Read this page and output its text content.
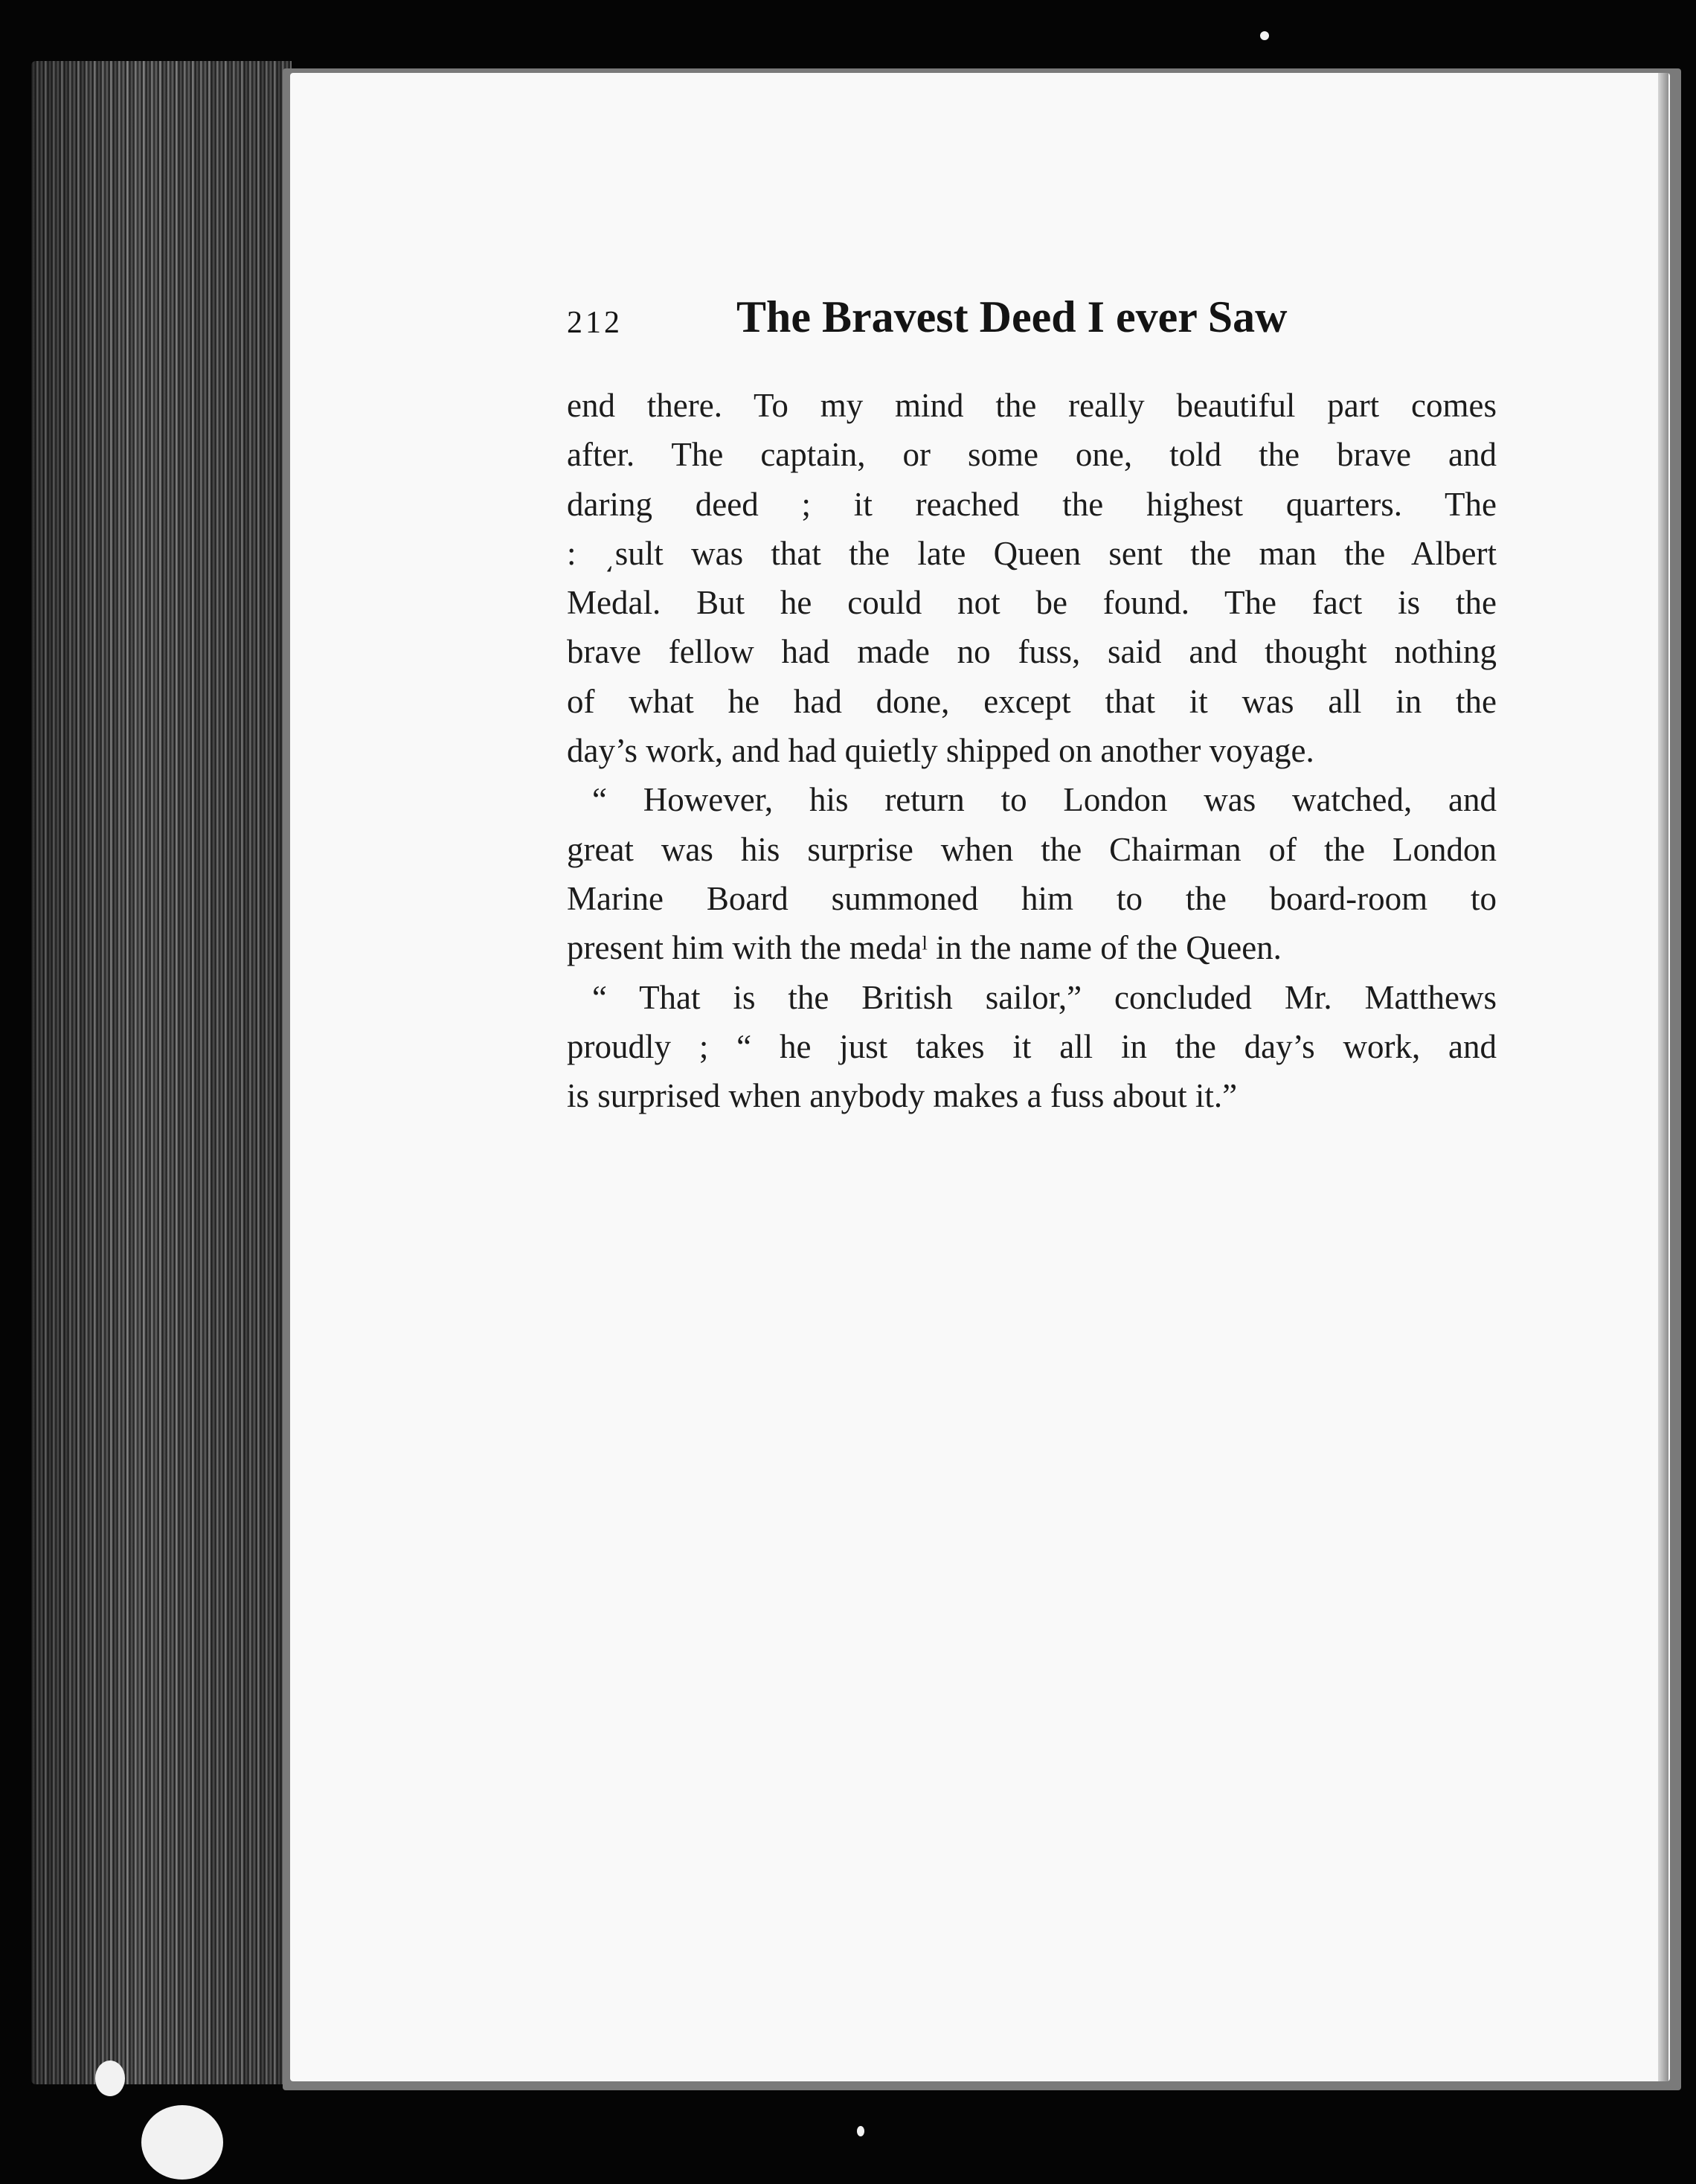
212	The Bravest Deed I ever Saw
end there. To my mind the really beautiful part comes
after. The captain, or some one, told the brave and
daring deed ; it reached the highest quarters. The
: ͵sult was that the late Queen sent the man the Albert
Medal. But he could not be found. The fact is the
brave fellow had made no fuss, said and thought nothing
of what he had done, except that it was all in the
day’s work, and had quietly shipped on another voyage.
“ However, his return to London was watched, and
great was his surprise when the Chairman of the London
Marine Board summoned him to the board-room to
present him with the medaˡ in the name of the Queen.
“ That is the British sailor,” concluded Mr. Matthews
proudly ; “ he just takes it all in the day’s work, and
is surprised when anybody makes a fuss about it.”
